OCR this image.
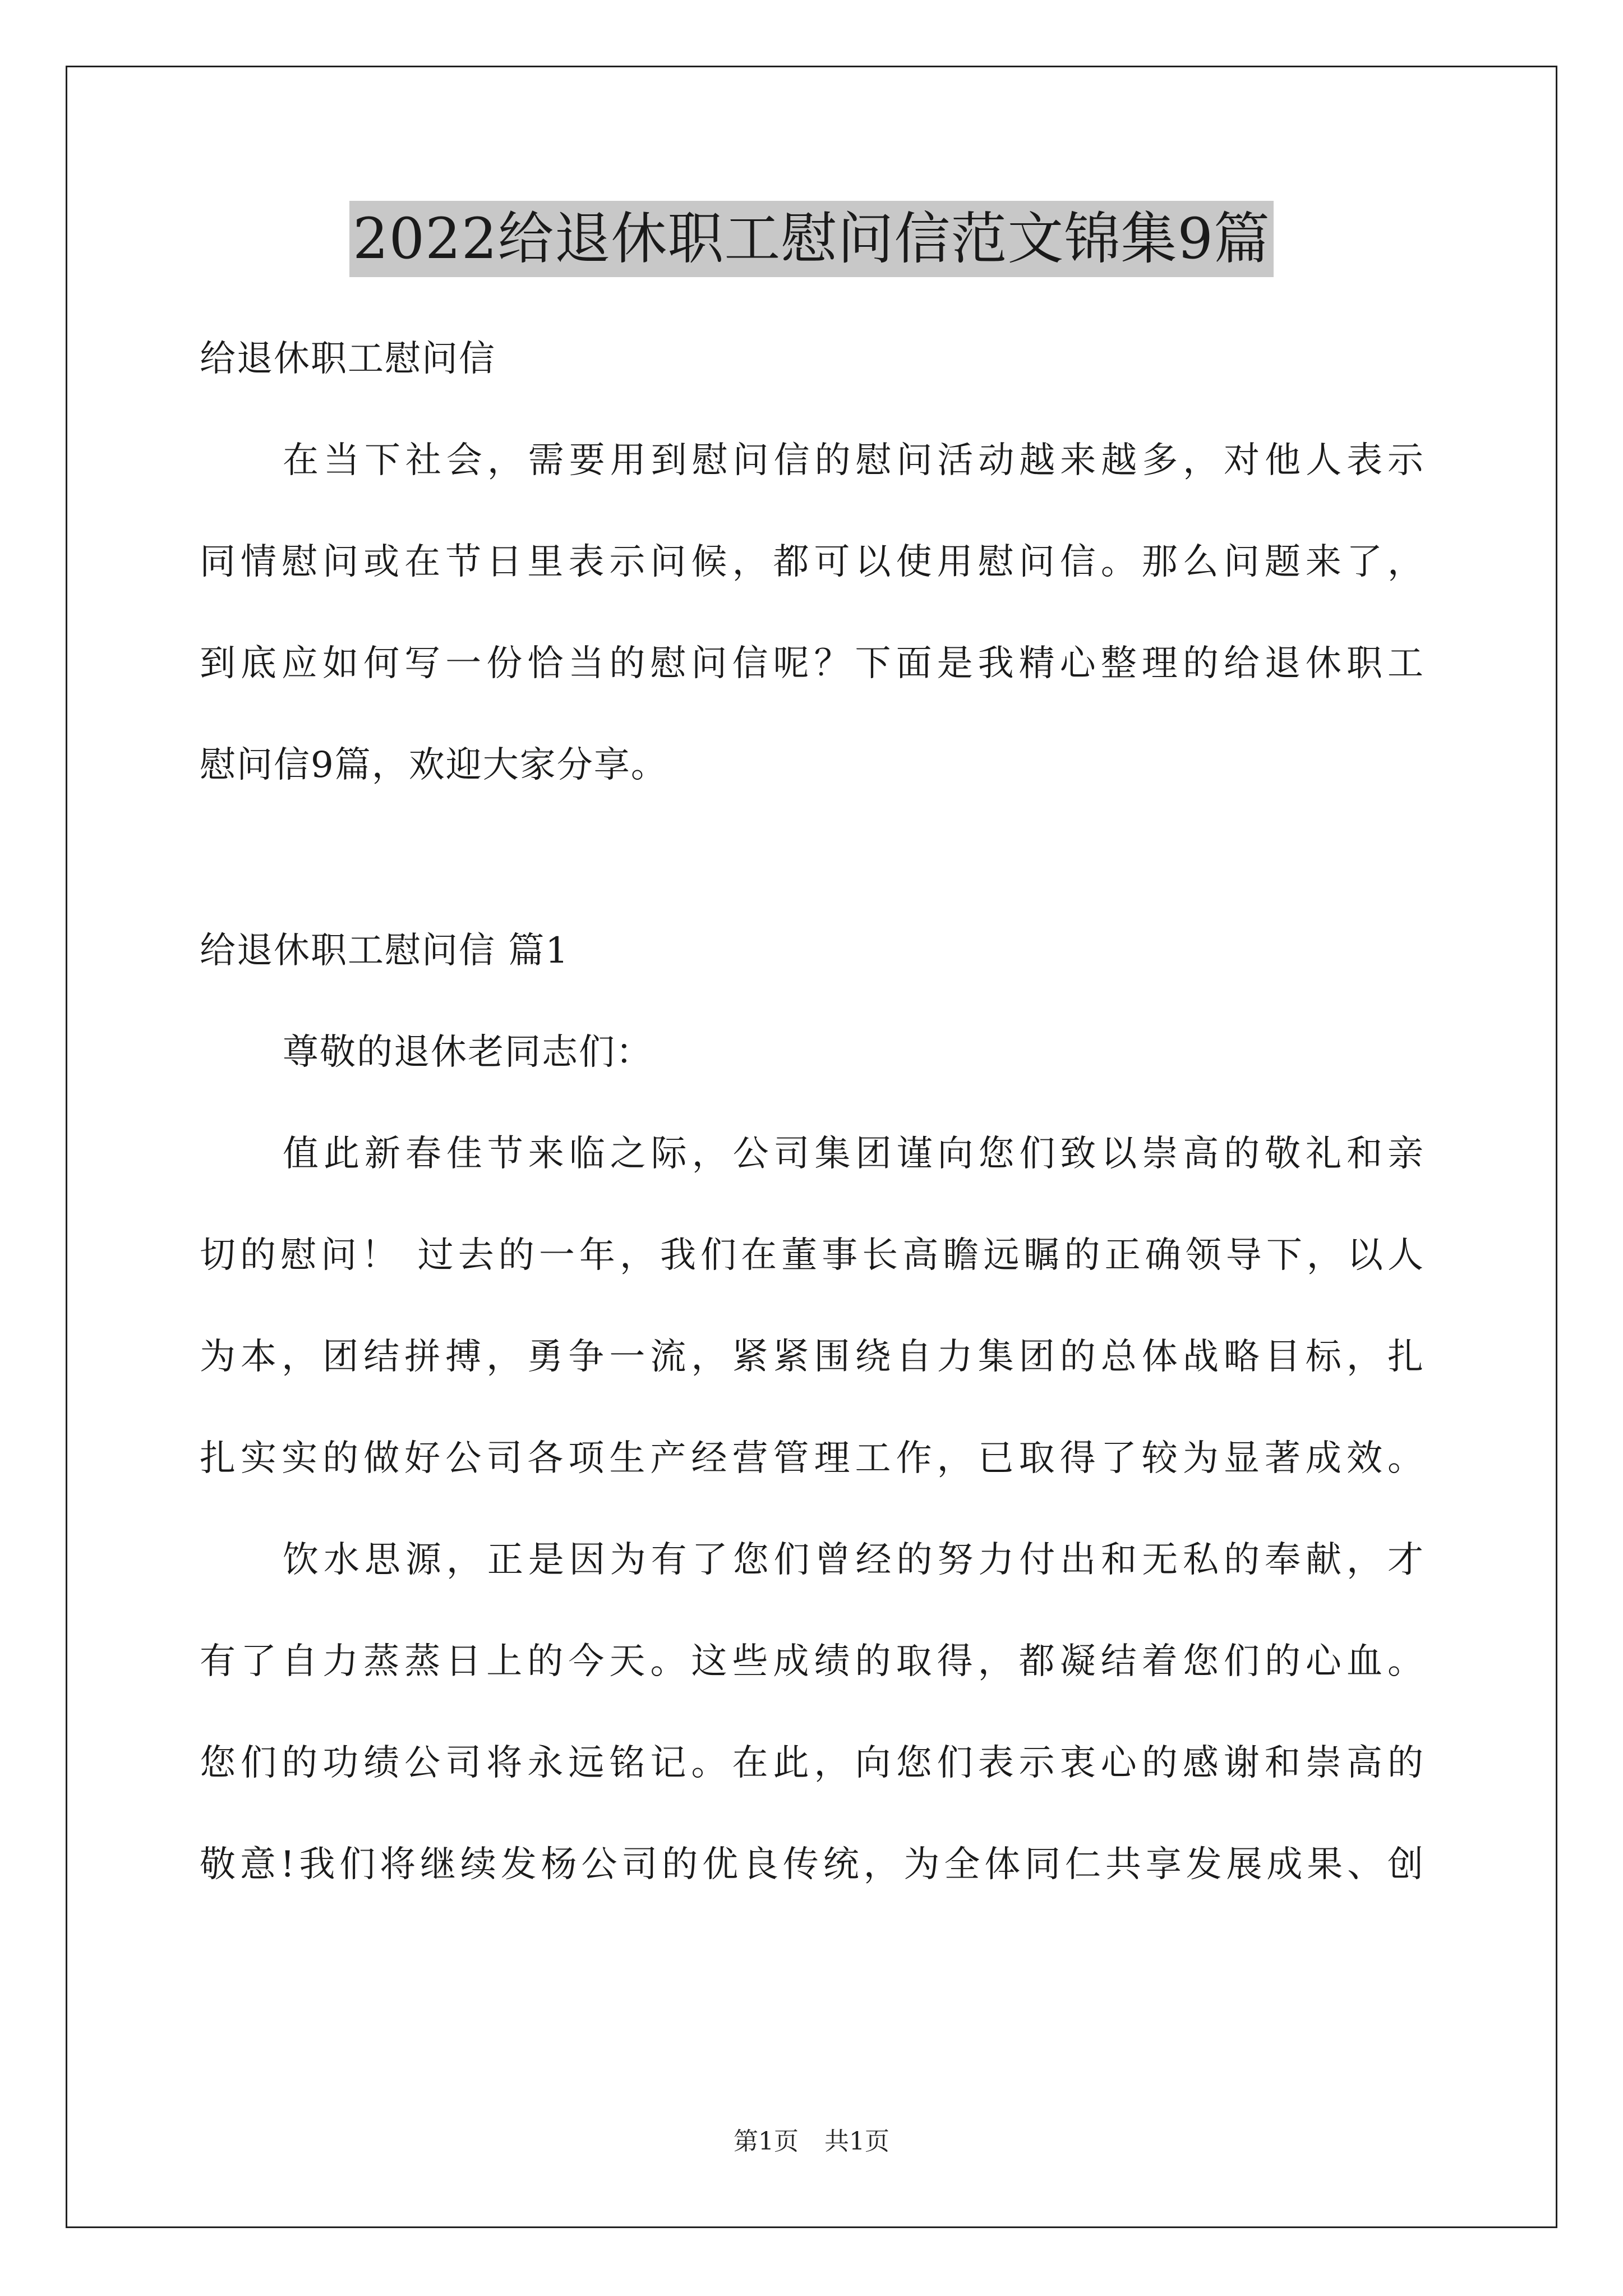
2022给退休职工慰问信范文锦集9篇
给退休职工慰问信
在当下社会，需要用到慰问信的慰问活动越来越多，对他人表示
同情慰问或在节日里表示问候，都可以使用慰问信。那么问题来了，
到底应如何写一份恰当的慰问信呢？下面是我精心整理的给退休职工
慰问信9篇，欢迎大家分享。
给退休职工慰问信 篇1
尊敬的退休老同志们：
值此新春佳节来临之际，公司集团谨向您们致以崇高的敬礼和亲
切的慰问！ 过去的一年，我们在董事长高瞻远瞩的正确领导下，以人
为本，团结拼搏，勇争一流，紧紧围绕自力集团的总体战略目标，扎
扎实实的做好公司各项生产经营管理工作，已取得了较为显著成效。
饮水思源，正是因为有了您们曾经的努力付出和无私的奉献，才
有了自力蒸蒸日上的今天。这些成绩的取得，都凝结着您们的心血。
您们的功绩公司将永远铭记。在此，向您们表示衷心的感谢和崇高的
敬意!我们将继续发杨公司的优良传统，为全体同仁共享发展成果、创
第1页 共1页
